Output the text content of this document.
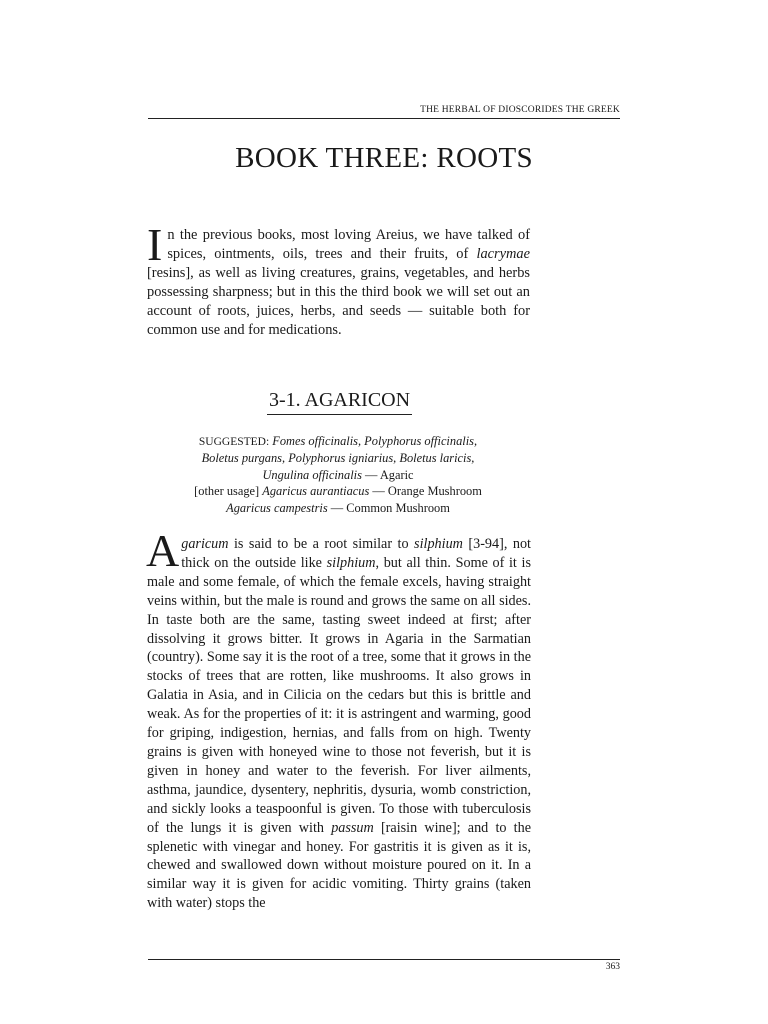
THE HERBAL OF DIOSCORIDES THE GREEK
BOOK THREE: ROOTS

In the previous books, most loving Areius, we have talked of spices, ointments, oils, trees and their fruits, of lacrymae [resins], as well as living creatures, grains, vegetables, and herbs possessing sharpness; but in this the third book we will set out an account of roots, juices, herbs, and seeds — suitable both for common use and for medications.

3-1. AGARICON
SUGGESTED: Fomes officinalis, Polyphorus officinalis,
Boletus purgans, Polyphorus igniarius, Boletus laricis,
Ungulina officinalis — Agaric
[other usage] Agaricus aurantiacus — Orange Mushroom
Agaricus campestris — Common Mushroom

Agaricum is said to be a root similar to silphium [3-94], not thick on the outside like silphium, but all thin. Some of it is male and some female, of which the female excels, having straight veins within, but the male is round and grows the same on all sides. In taste both are the same, tasting sweet indeed at first; after dissolving it grows bitter. It grows in Agaria in the Sarmatian (country). Some say it is the root of a tree, some that it grows in the stocks of trees that are rotten, like mushrooms. It also grows in Galatia in Asia, and in Cilicia on the cedars but this is brittle and weak. As for the properties of it: it is astringent and warming, good for griping, indigestion, hernias, and falls from on high. Twenty grains is given with honeyed wine to those not feverish, but it is given in honey and water to the feverish. For liver ailments, asthma, jaundice, dysentery, nephritis, dysuria, womb constriction, and sickly looks a teaspoonful is given. To those with tuberculosis of the lungs it is given with passum [raisin wine]; and to the splenetic with vinegar and honey. For gastritis it is given as it is, chewed and swallowed down without moisture poured on it. In a similar way it is given for acidic vomiting. Thirty grains (taken with water) stops the

363
